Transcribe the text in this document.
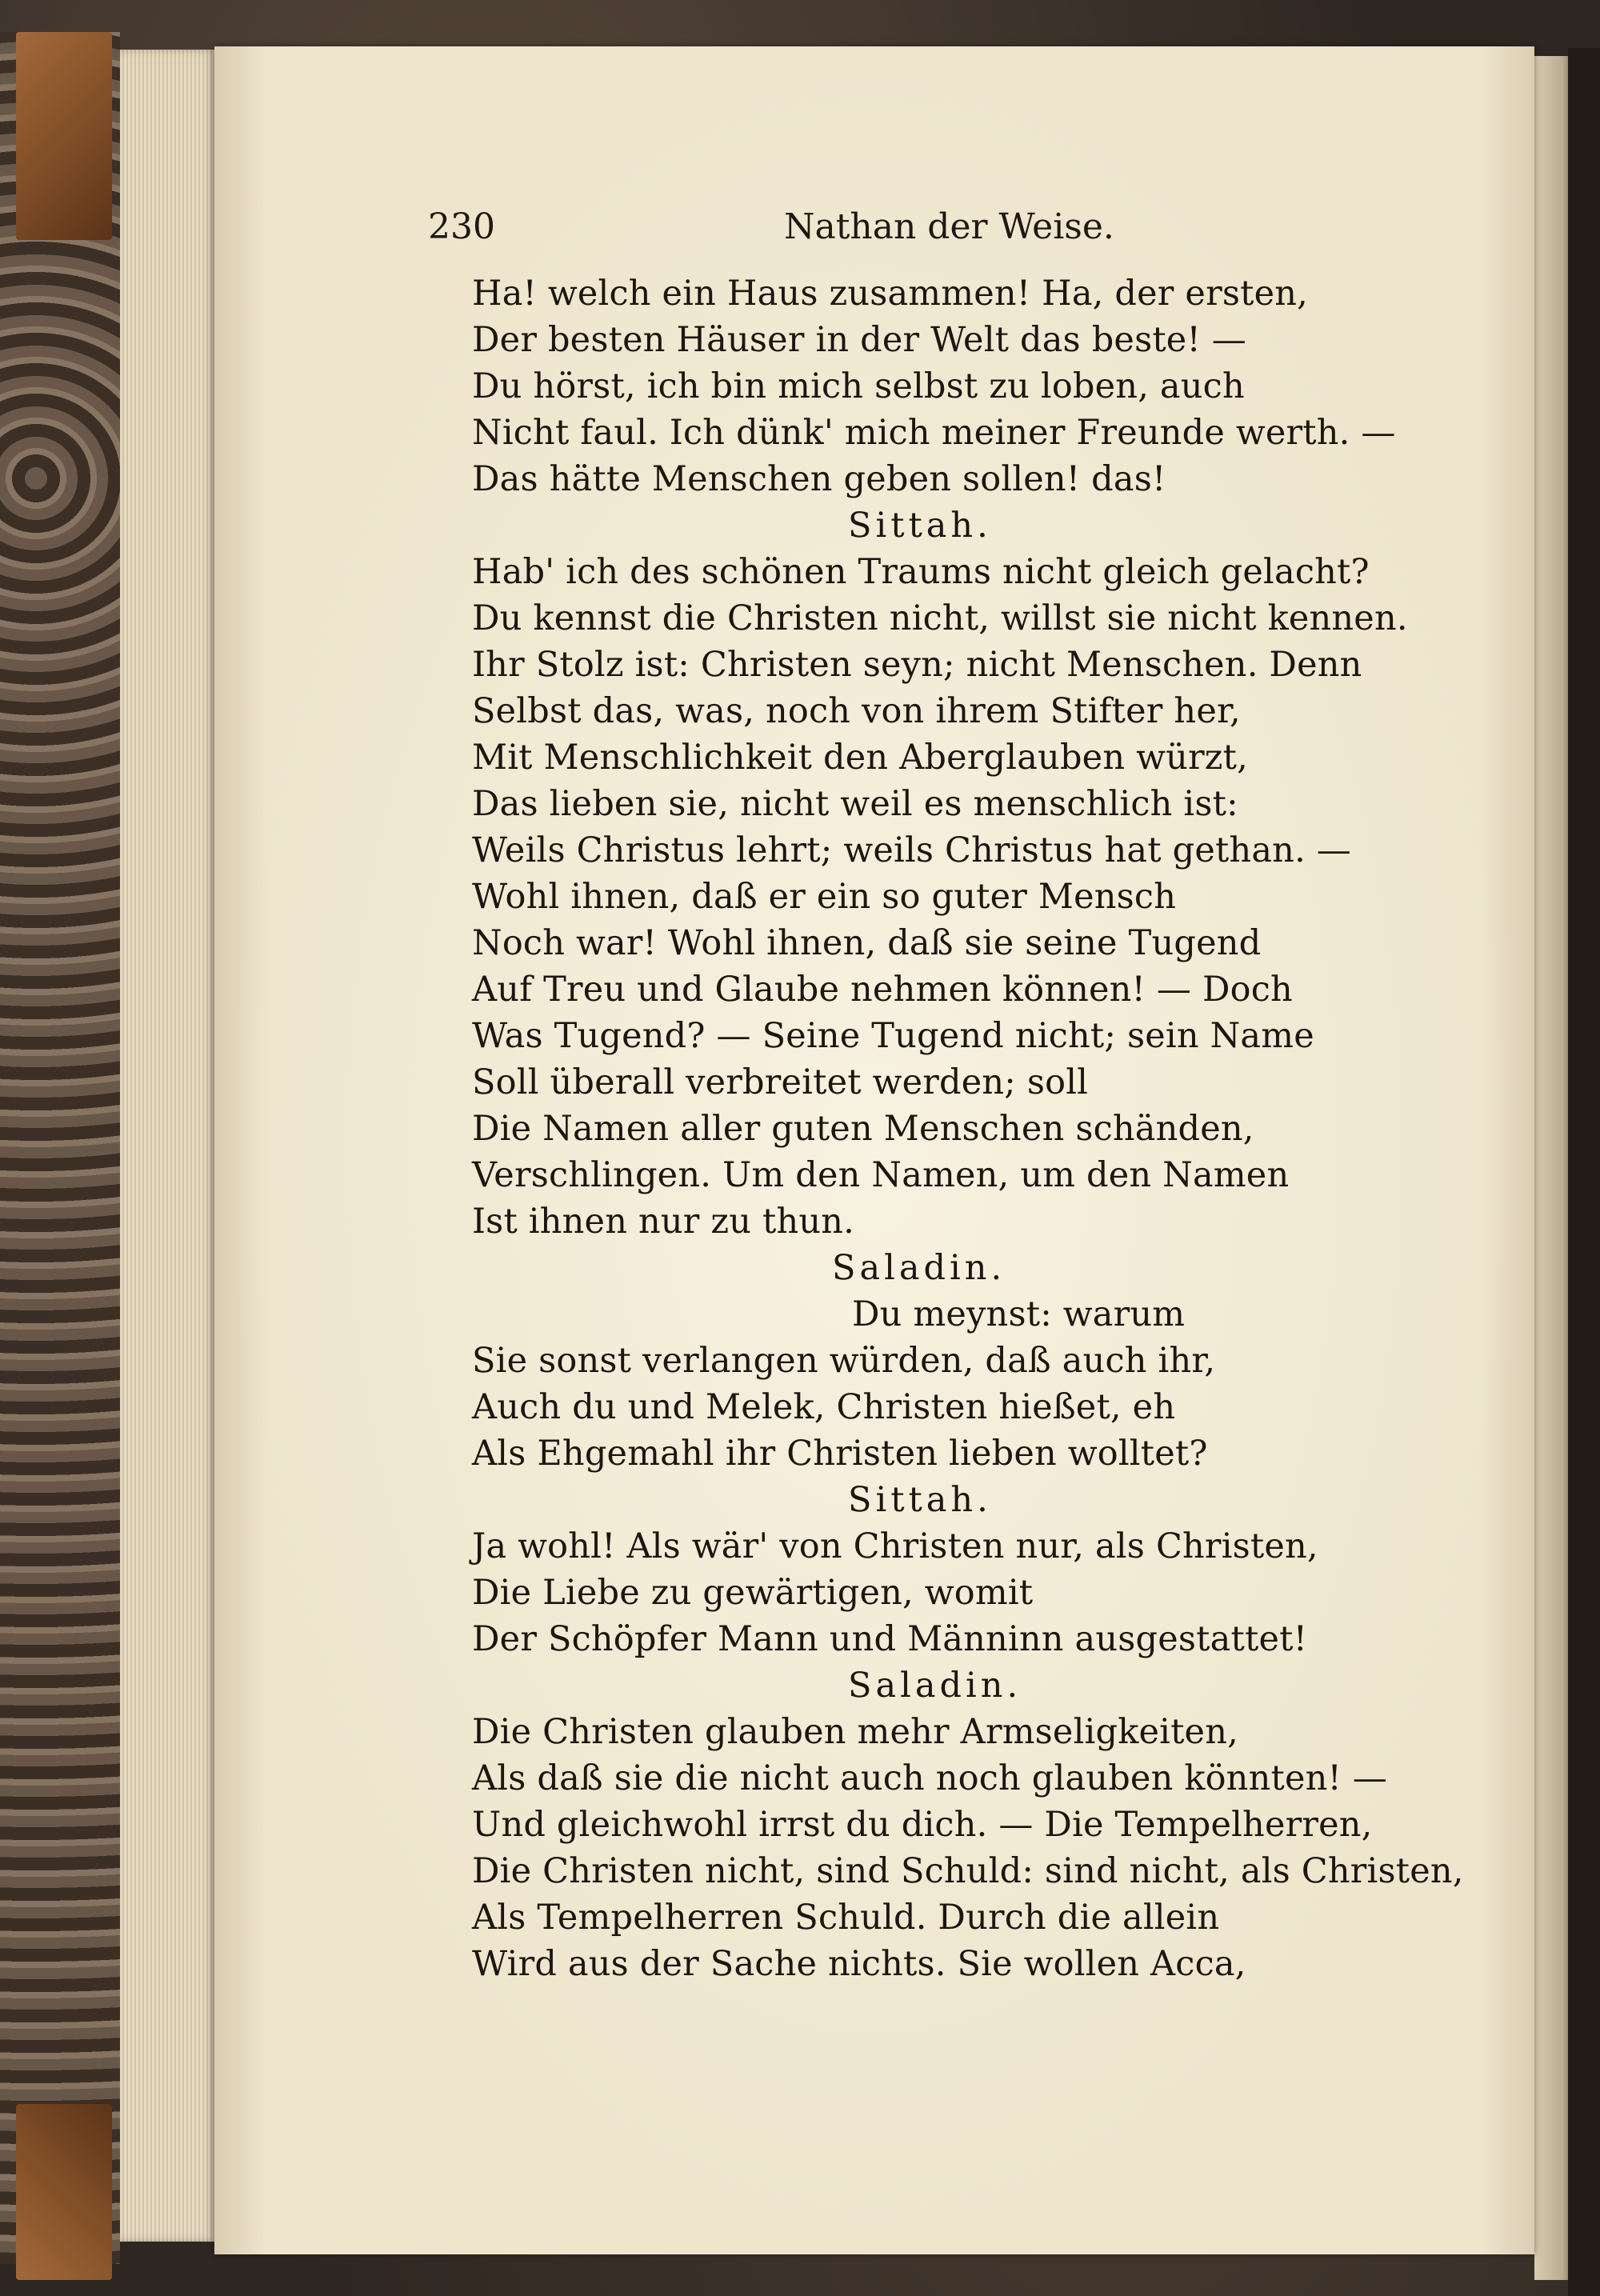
230	Nathan der Weise.
Ha! welch ein Haus zusammen! Ha, der ersten,
Der besten Häuser in der Welt das beste! —
Du hörst, ich bin mich selbst zu loben, auch
Nicht faul. Ich dünk' mich meiner Freunde werth. —
Das hätte Menschen geben sollen! das!
Sittah.
Hab' ich des schönen Traums nicht gleich gelacht?
Du kennst die Christen nicht, willst sie nicht kennen.
Ihr Stolz ist: Christen seyn; nicht Menschen. Denn
Selbst das, was, noch von ihrem Stifter her,
Mit Menschlichkeit den Aberglauben würzt,
Das lieben sie, nicht weil es menschlich ist:
Weils Christus lehrt; weils Christus hat gethan. —
Wohl ihnen, daß er ein so guter Mensch
Noch war! Wohl ihnen, daß sie seine Tugend
Auf Treu und Glaube nehmen können! — Doch
Was Tugend? — Seine Tugend nicht; sein Name
Soll überall verbreitet werden; soll
Die Namen aller guten Menschen schänden,
Verschlingen. Um den Namen, um den Namen
Ist ihnen nur zu thun.
Saladin.
Du meynst: warum
Sie sonst verlangen würden, daß auch ihr,
Auch du und Melek, Christen hießet, eh
Als Ehgemahl ihr Christen lieben wolltet?
Sittah.
Ja wohl! Als wär' von Christen nur, als Christen,
Die Liebe zu gewärtigen, womit
Der Schöpfer Mann und Männinn ausgestattet!
Saladin.
Die Christen glauben mehr Armseligkeiten,
Als daß sie die nicht auch noch glauben könnten! —
Und gleichwohl irrst du dich. — Die Tempelherren,
Die Christen nicht, sind Schuld: sind nicht, als Christen,
Als Tempelherren Schuld. Durch die allein
Wird aus der Sache nichts. Sie wollen Acca,
